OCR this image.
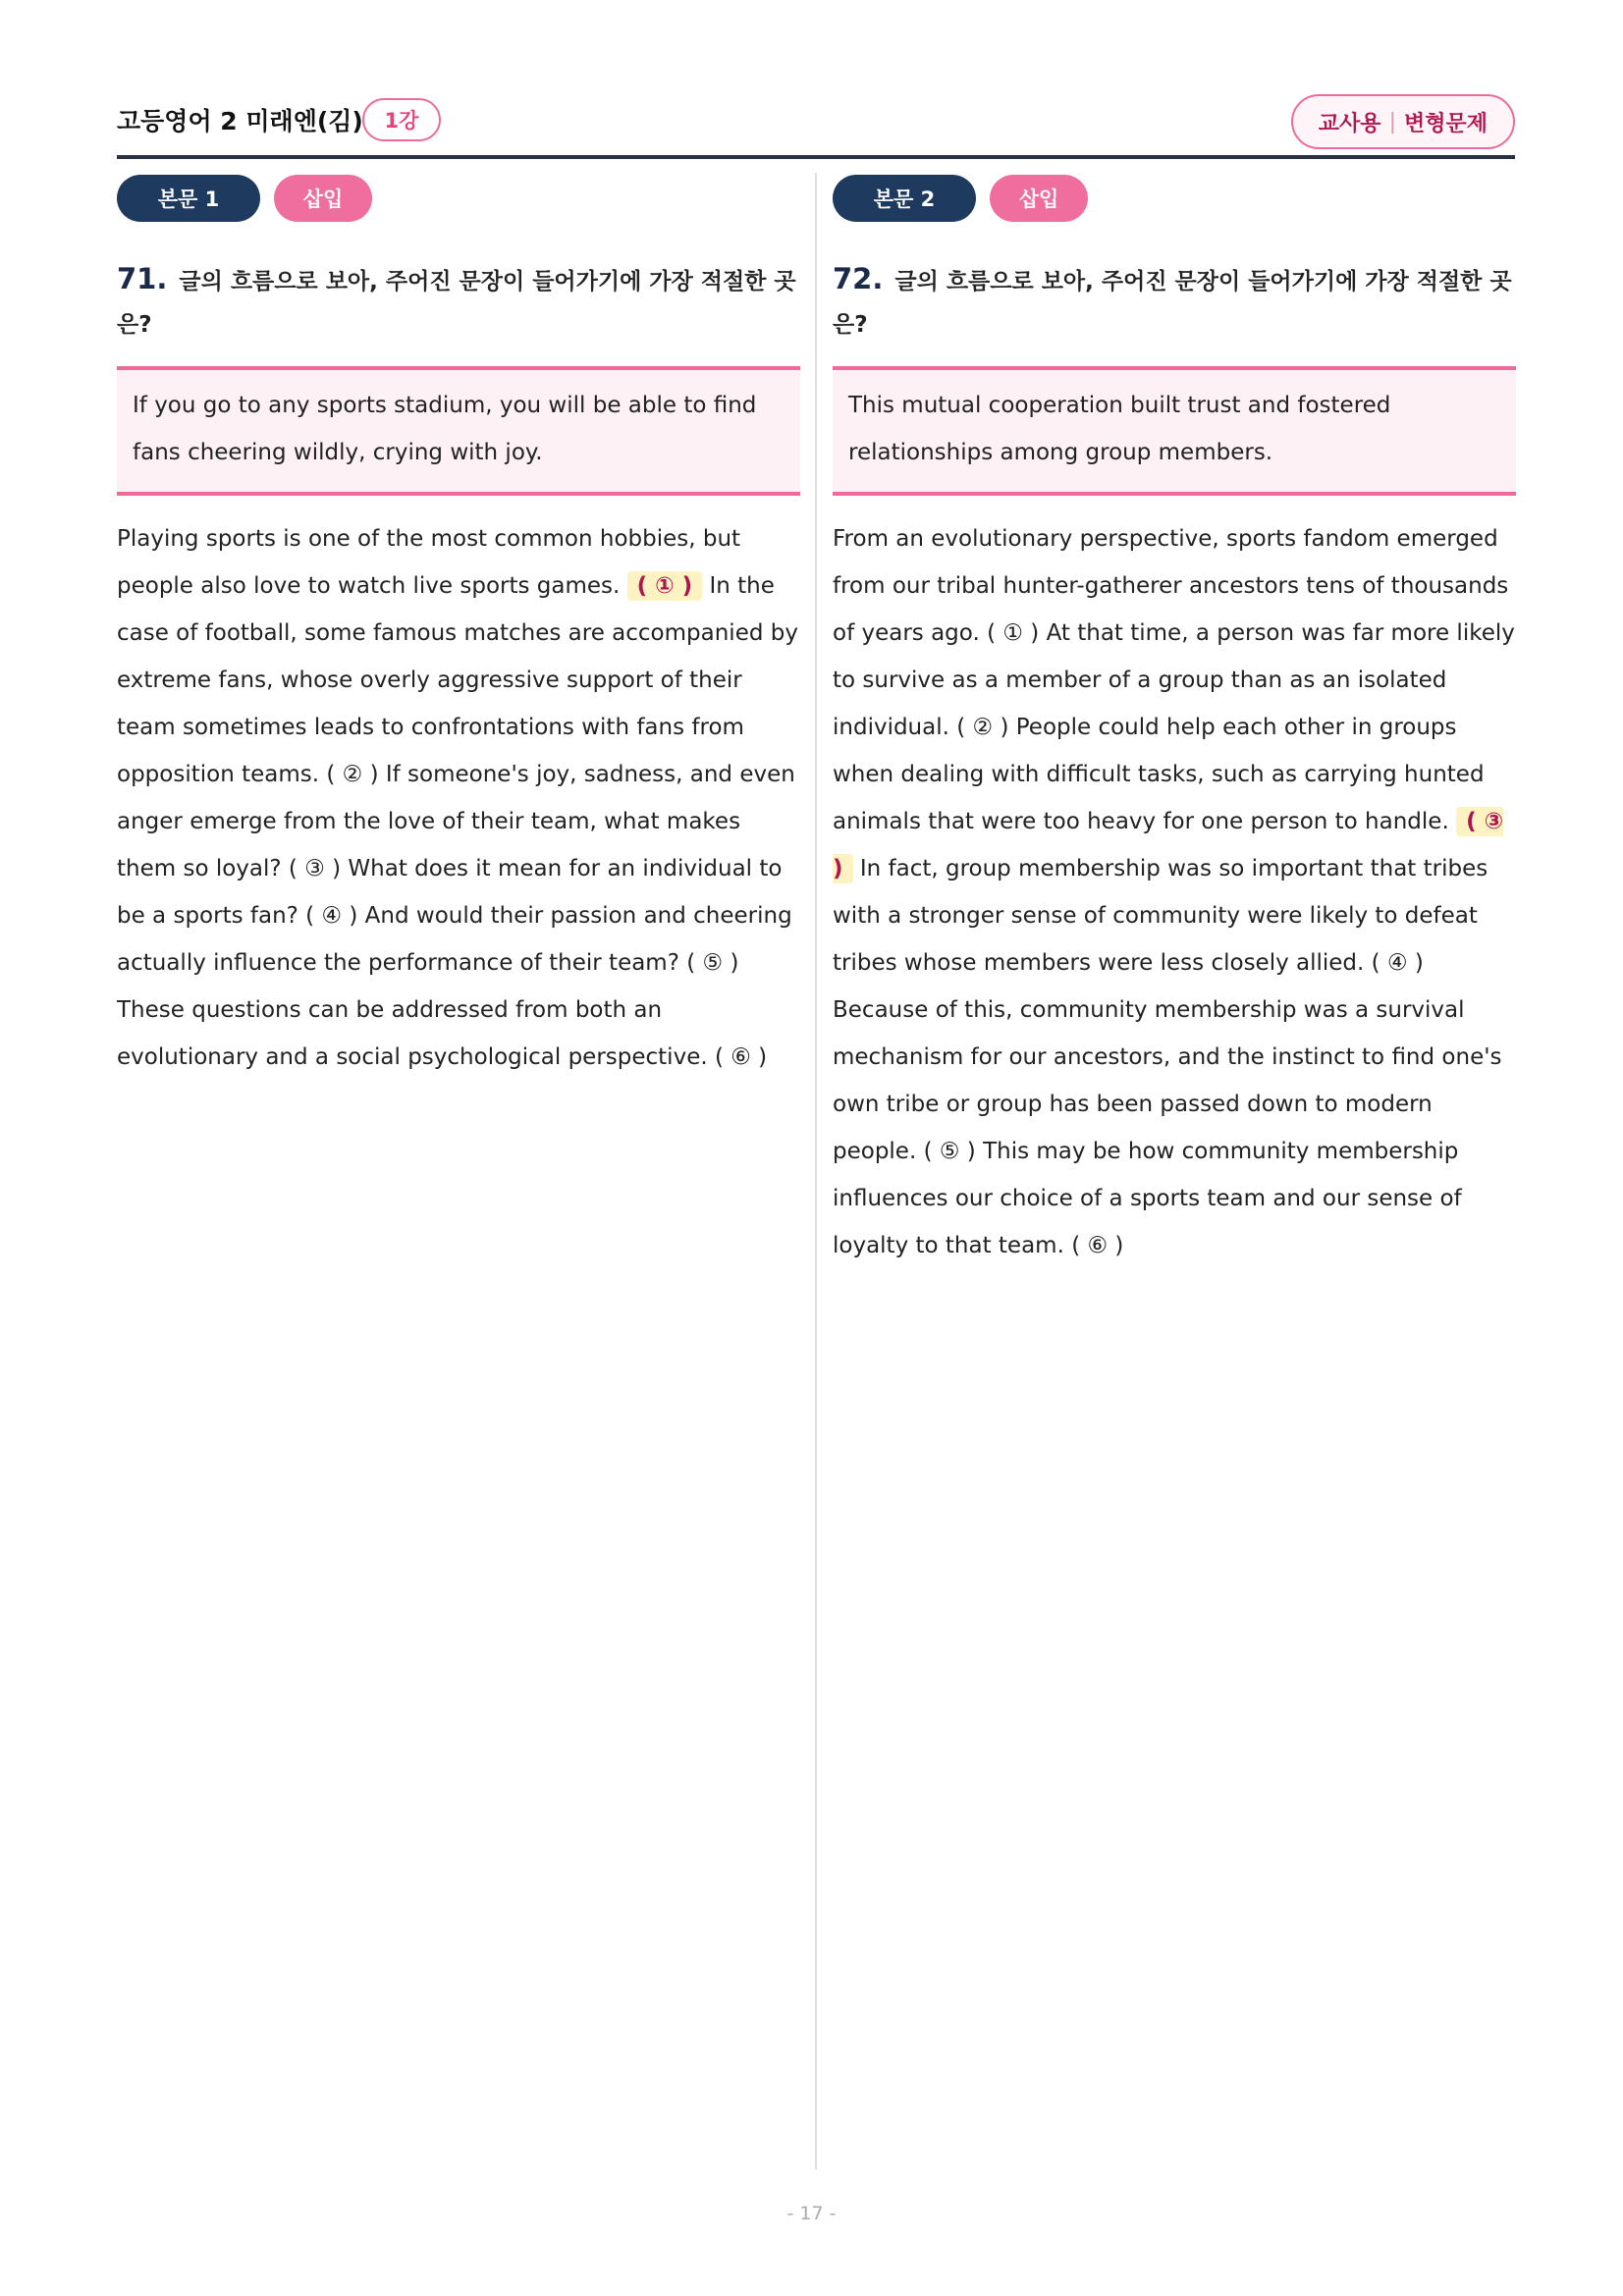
고등영어 2 미래엔(김)	1강	교사용 | 변형문제
본문 1	삽입
71. 글의 흐름으로 보아, 주어진 문장이 들어가기에 가장 적절한 곳은?
If you go to any sports stadium, you will be able to find fans cheering wildly, crying with joy.
Playing sports is one of the most common hobbies, but people also love to watch live sports games. ( ① ) In the case of football, some famous matches are accompanied by extreme fans, whose overly aggressive support of their team sometimes leads to confrontations with fans from opposition teams. ( ② ) If someone's joy, sadness, and even anger emerge from the love of their team, what makes them so loyal? ( ③ ) What does it mean for an individual to be a sports fan? ( ④ ) And would their passion and cheering actually influence the performance of their team? ( ⑤ ) These questions can be addressed from both an evolutionary and a social psychological perspective. ( ⑥ )
본문 2	삽입
72. 글의 흐름으로 보아, 주어진 문장이 들어가기에 가장 적절한 곳은?
This mutual cooperation built trust and fostered relationships among group members.
From an evolutionary perspective, sports fandom emerged from our tribal hunter-gatherer ancestors tens of thousands of years ago. ( ① ) At that time, a person was far more likely to survive as a member of a group than as an isolated individual. ( ② ) People could help each other in groups when dealing with difficult tasks, such as carrying hunted animals that were too heavy for one person to handle. ( ③ ) In fact, group membership was so important that tribes with a stronger sense of community were likely to defeat tribes whose members were less closely allied. ( ④ ) Because of this, community membership was a survival mechanism for our ancestors, and the instinct to find one's own tribe or group has been passed down to modern people. ( ⑤ ) This may be how community membership influences our choice of a sports team and our sense of loyalty to that team. ( ⑥ )
- 17 -
